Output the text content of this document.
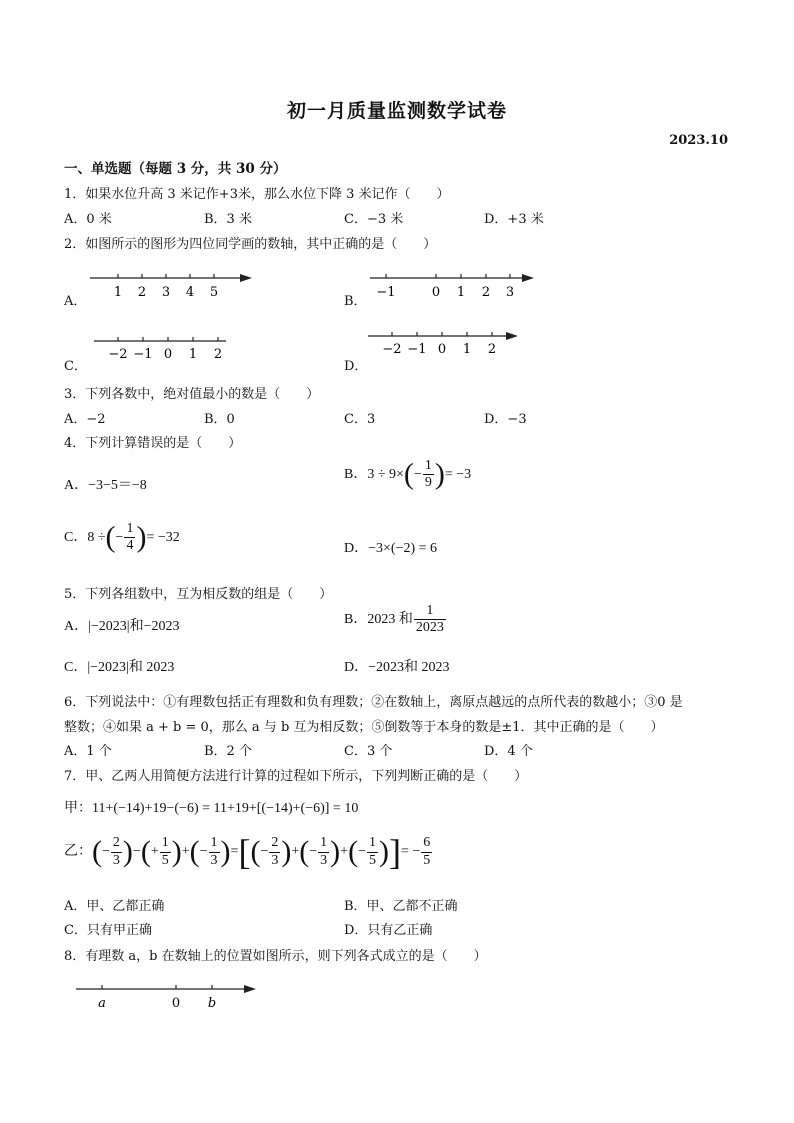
初一月质量监测数学试卷
2023.10
一、单选题（每题 3 分，共 30 分）
1．如果水位升高 3 米记作+3米，那么水位下降 3 米记作（　　）
A．0 米	B．3 米	C．−3 米	D．+3 米
2．如图所示的图形为四位同学画的数轴，其中正确的是（　　）
A．	B．
C．	D．
1 2 3 4 5	−1	0 1 2 3
−2 −1 0 1 2	−2 −1 0 1 2
3．下列各数中，绝对值最小的数是（　　）
A．−2	B．0	C．3	D．−3
4．下列计算错误的是（　　）
A．−3−5＝−8
B．$3 \div 9\times(- \frac{1}{9}$ )= −3
C．8 ÷(− $\frac{1}{4}$ )= −32
D．−3×(−2) = 6
5．下列各组数中，互为相反数的组是（　　）
A．|−2023|和−2023	B．2023 和 $\frac{1}{2023}$
C．|−2023|和 2023	D．−2023和 2023
6．下列说法中：①有理数包括正有理数和负有理数；②在数轴上，离原点越远的点所代表的数越小；③0 是
整数；④如果 a + b = 0，那么 a 与 b 互为相反数；⑤倒数等于本身的数是±1．其中正确的是（　　）
A．1 个	B．2 个	C．3 个	D．4 个
7．甲、乙两人用简便方法进行计算的过程如下所示，下列判断正确的是（　　）
甲：11+(−14)+19−(−6) = 11+19+[(−14)+(−6)] = 10
乙：(− $\frac{2}{3}$ )−(+ $\frac{1}{5}$ )+(− $\frac{1}{3}$ )=[(− $\frac{2}{3}$ )+(− $\frac{1}{3}$ )+(− $\frac{1}{5}$ )]= − $\frac{6}{5}$
A．甲、乙都正确	B．甲、乙都不正确
C．只有甲正确	D．只有乙正确
8．有理数 a，b 在数轴上的位置如图所示，则下列各式成立的是（　　）
a	0 b
